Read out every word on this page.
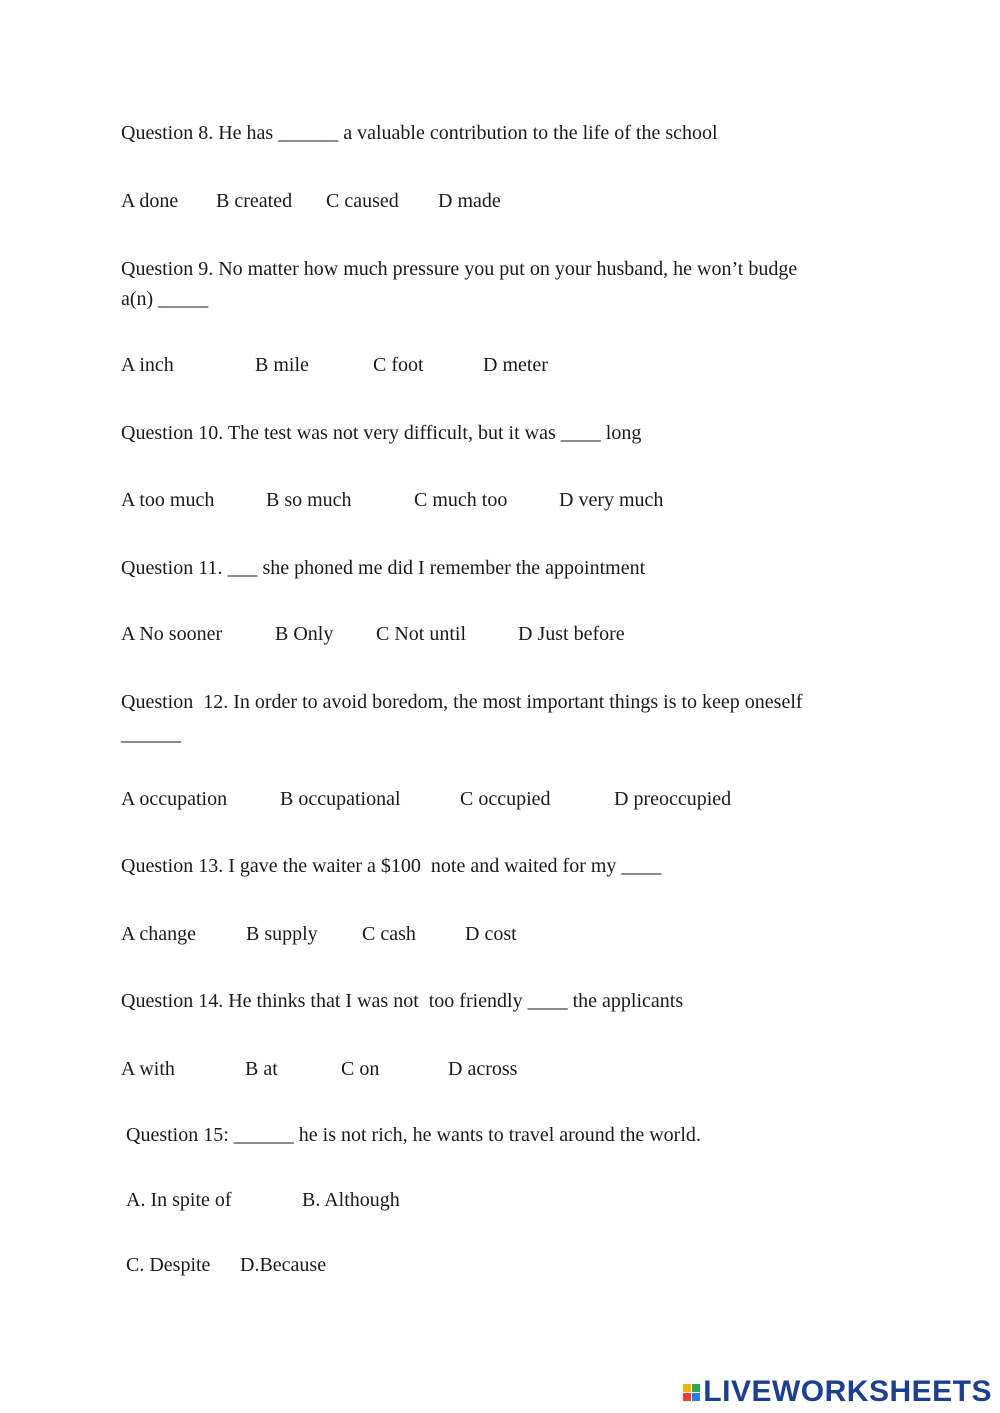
Question 8. He has ______ a valuable contribution to the life of the school
A done B created C caused D made
Question 9. No matter how much pressure you put on your husband, he won’t budge
a(n) _____
A inch	B mile	C foot	D meter
Question 10. The test was not very difficult, but it was ____ long
A too much	B so much	C much too	D very much
Question 11. ___ she phoned me did I remember the appointment
A No sooner	B Only C Not until	D Just before
Question  12. In order to avoid boredom, the most important things is to keep oneself
______
A occupation	B occupational	C occupied	D preoccupied
Question 13. I gave the waiter a $100  note and waited for my ____
A change	B supply C cash D cost
Question 14. He thinks that I was not  too friendly ____ the applicants
A with	B at	C on	D across
Question 15: ______ he is not rich, he wants to travel around the world.
A. In spite of	B. Although
C. Despite D.Because
LIVEWORKSHEETS
